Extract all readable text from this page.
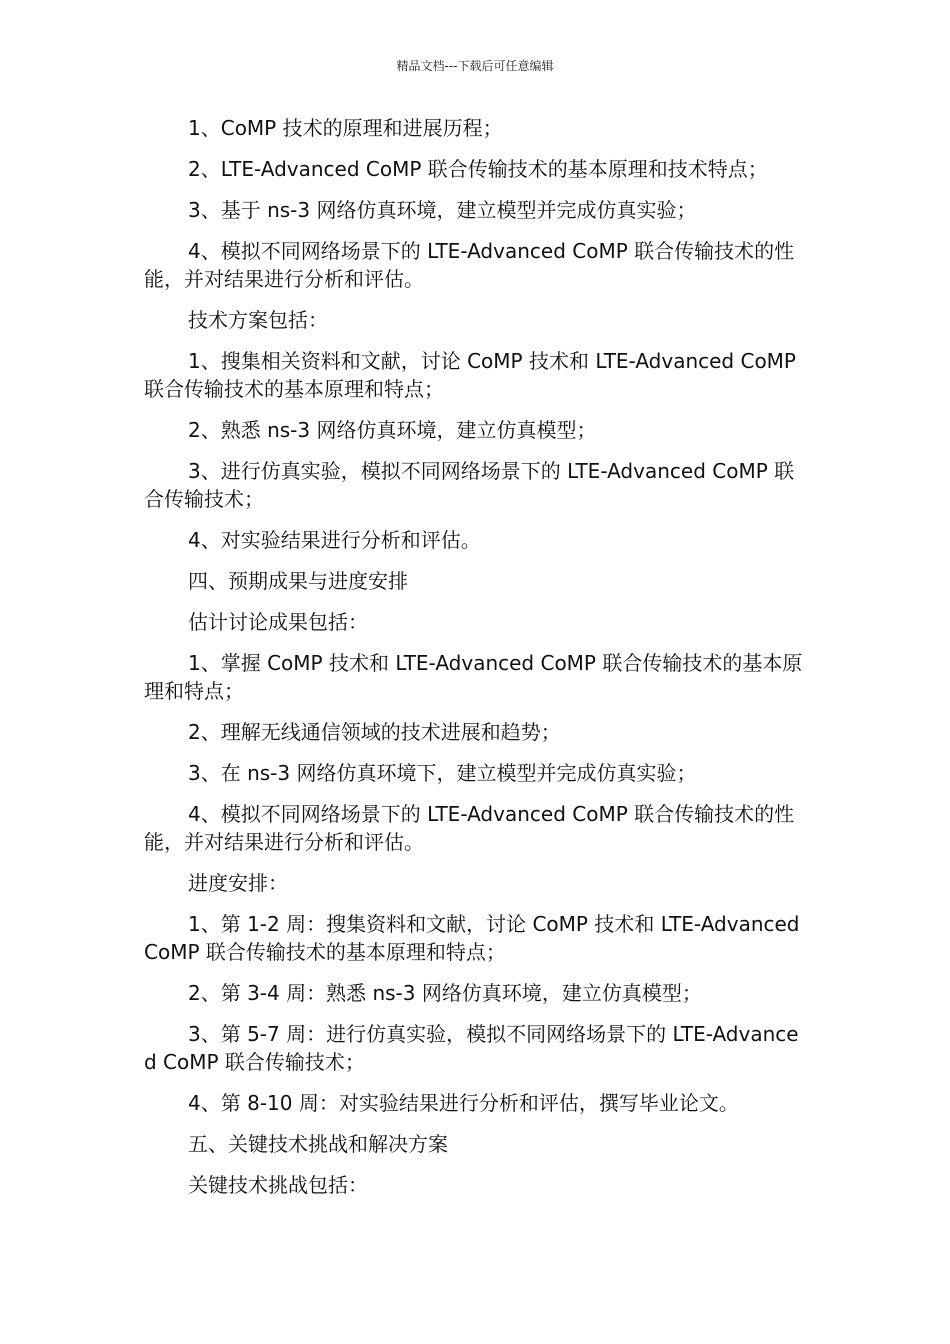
精品文档---下载后可任意编辑

1、CoMP 技术的原理和进展历程；

2、LTE-Advanced CoMP 联合传输技术的基本原理和技术特点；

3、基于 ns-3 网络仿真环境，建立模型并完成仿真实验；

4、模拟不同网络场景下的 LTE-Advanced CoMP 联合传输技术的性能，并对结果进行分析和评估。

技术方案包括：

1、搜集相关资料和文献，讨论 CoMP 技术和 LTE-Advanced CoMP 联合传输技术的基本原理和特点；

2、熟悉 ns-3 网络仿真环境，建立仿真模型；

3、进行仿真实验，模拟不同网络场景下的 LTE-Advanced CoMP 联合传输技术；

4、对实验结果进行分析和评估。

四、预期成果与进度安排

估计讨论成果包括：

1、掌握 CoMP 技术和 LTE-Advanced CoMP 联合传输技术的基本原理和特点；

2、理解无线通信领域的技术进展和趋势；

3、在 ns-3 网络仿真环境下，建立模型并完成仿真实验；

4、模拟不同网络场景下的 LTE-Advanced CoMP 联合传输技术的性能，并对结果进行分析和评估。

进度安排：

1、第 1-2 周：搜集资料和文献，讨论 CoMP 技术和 LTE-Advanced CoMP 联合传输技术的基本原理和特点；

2、第 3-4 周：熟悉 ns-3 网络仿真环境，建立仿真模型；

3、第 5-7 周：进行仿真实验，模拟不同网络场景下的 LTE-Advanced CoMP 联合传输技术；

4、第 8-10 周：对实验结果进行分析和评估，撰写毕业论文。

五、关键技术挑战和解决方案

关键技术挑战包括：
